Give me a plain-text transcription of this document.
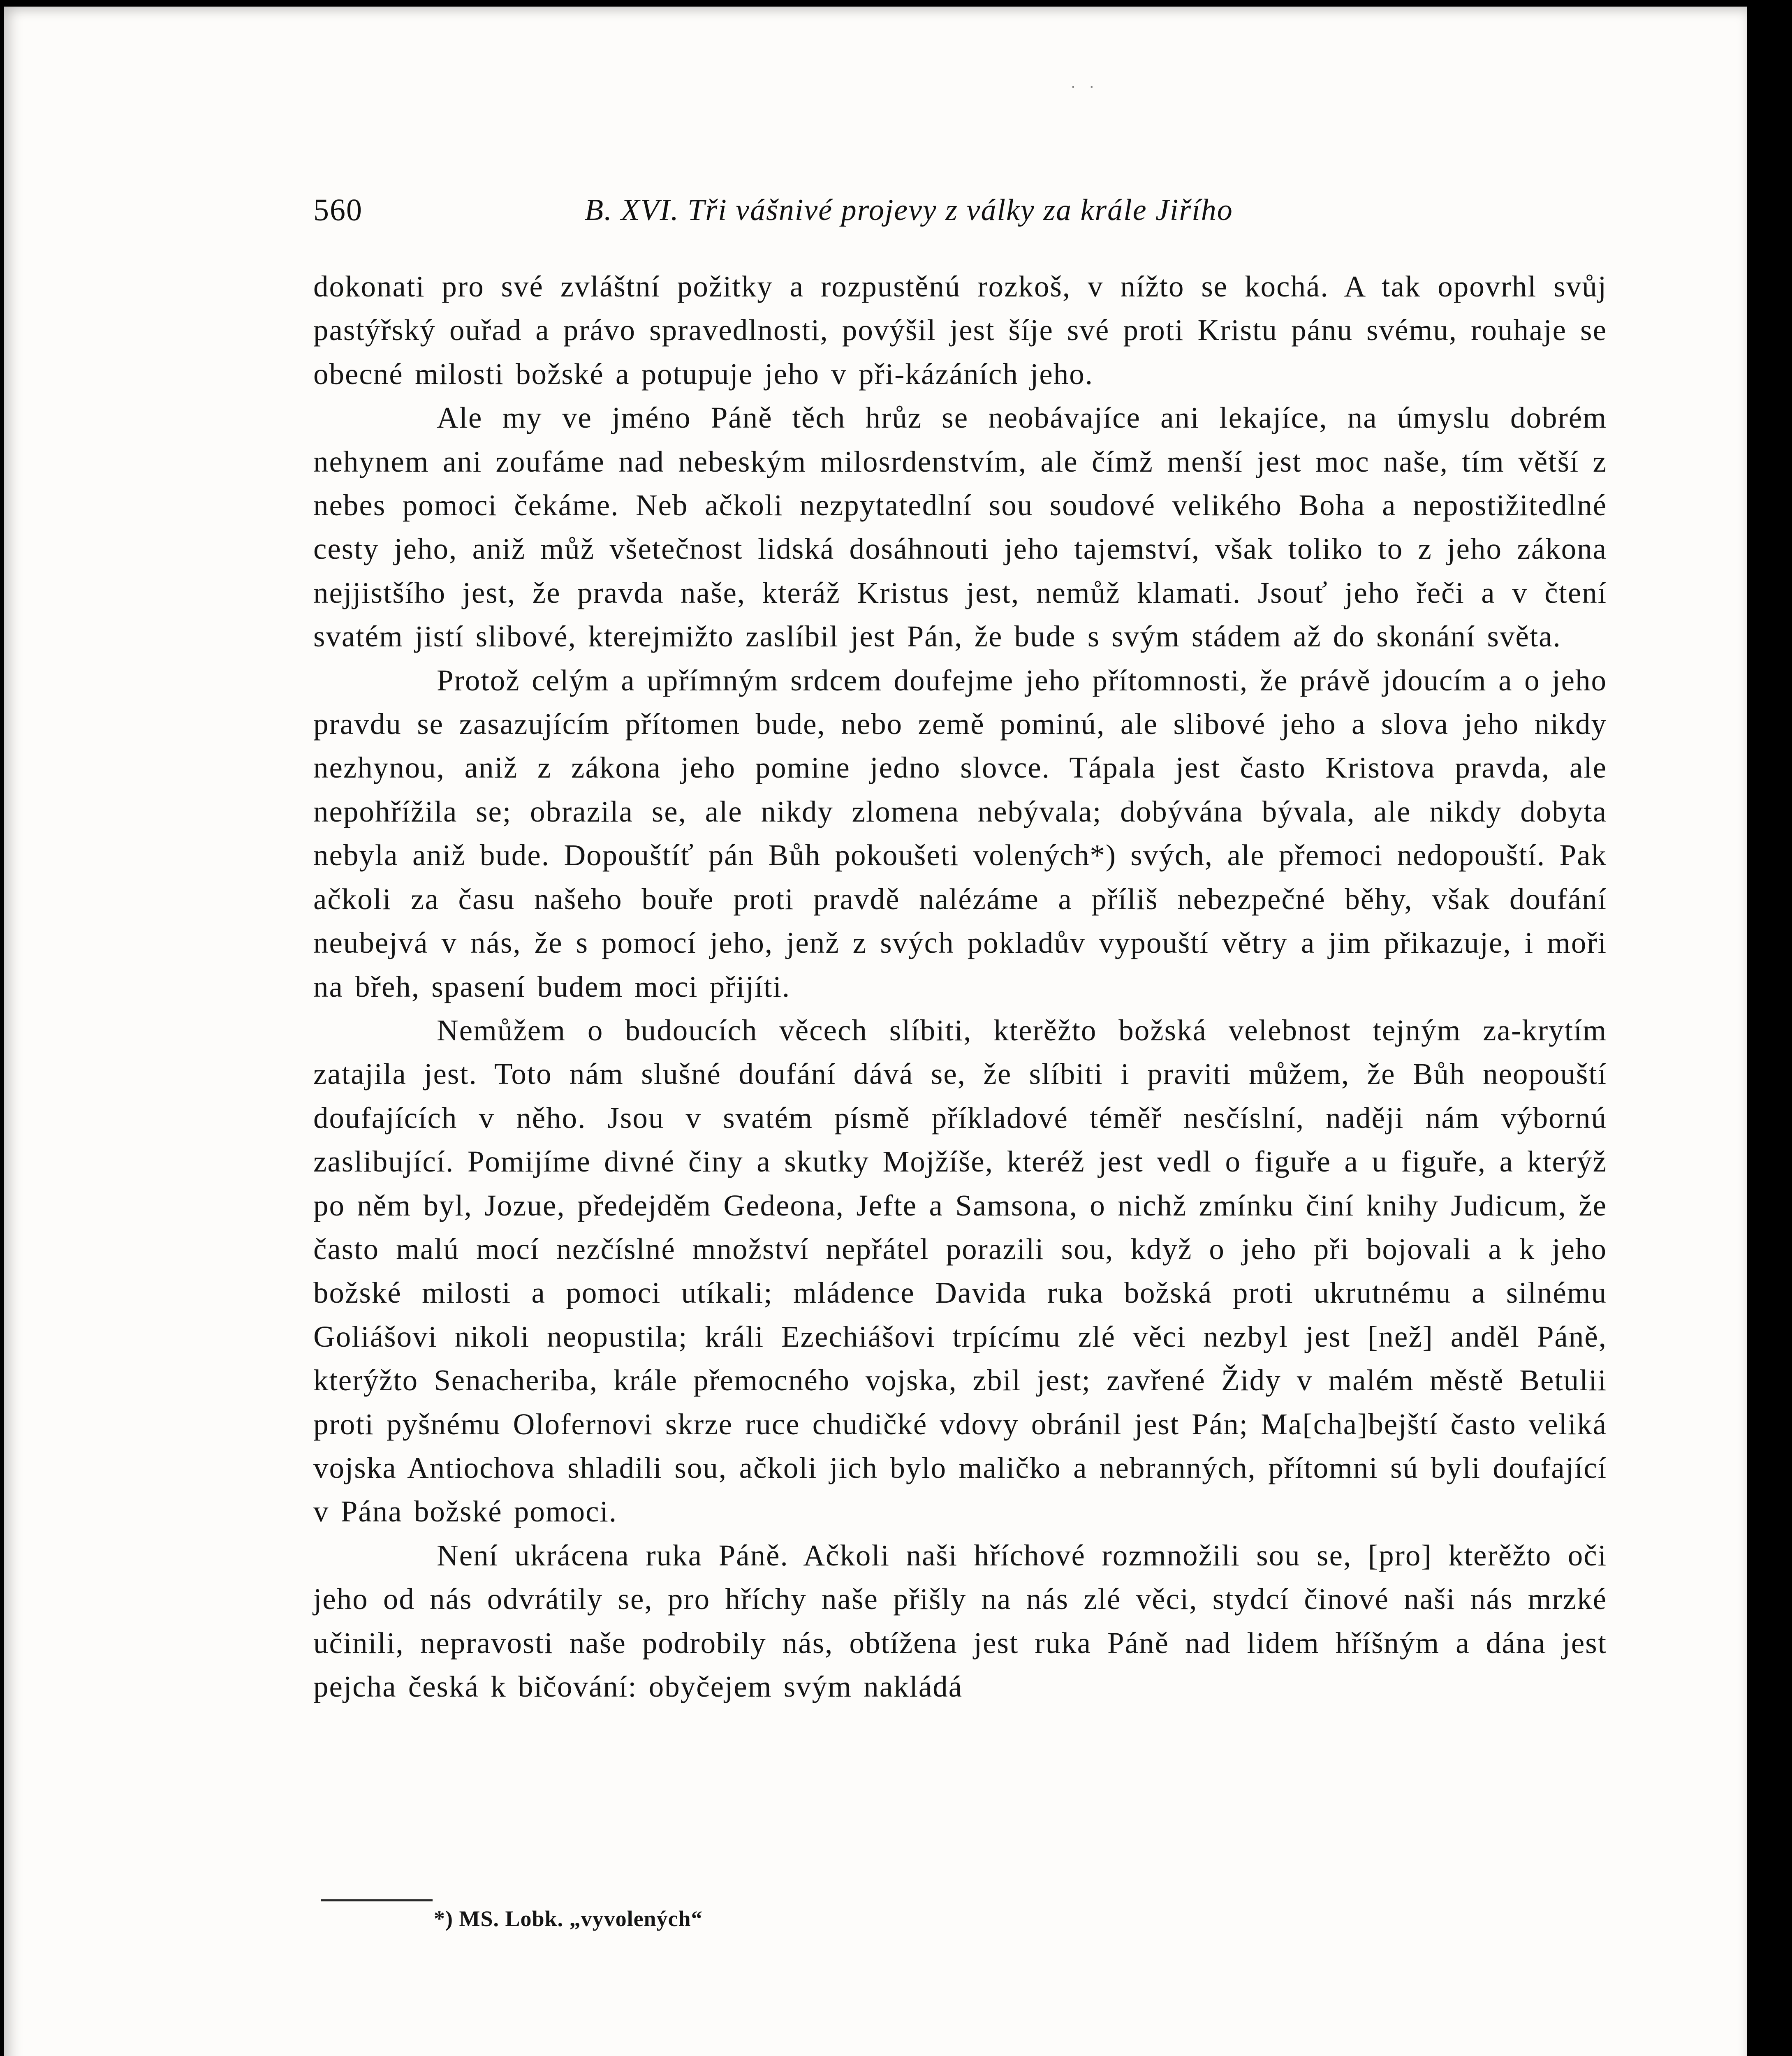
˙ ˙
560	B. XVI. Tři vášnivé projevy z války za krále Jiřího

dokonati pro své zvláštní požitky a rozpustěnú rozkoš, v nížto se kochá. A tak opovrhl svůj pastýřský ouřad a právo spravedlnosti, povýšil jest šíje své proti Kristu pánu svému, rouhaje se obecné milosti božské a potupuje jeho v při-kázáních jeho.

Ale my ve jméno Páně těch hrůz se neobávajíce ani lekajíce, na úmyslu dobrém nehynem ani zoufáme nad nebeským milosrdenstvím, ale čímž menší jest moc naše, tím větší z nebes pomoci čekáme. Neb ačkoli nezpytatedlní sou soudové velikého Boha a nepostižitedlné cesty jeho, aniž můž všetečnost lidská dosáhnouti jeho tajemství, však toliko to z jeho zákona nejjistšího jest, že pravda naše, kteráž Kristus jest, nemůž klamati. Jsouť jeho řeči a v čtení svatém jistí slibové, kterejmižto zaslíbil jest Pán, že bude s svým stádem až do skonání světa.

Protož celým a upřímným srdcem doufejme jeho přítomnosti, že právě jdoucím a o jeho pravdu se zasazujícím přítomen bude, nebo země pominú, ale slibové jeho a slova jeho nikdy nezhynou, aniž z zákona jeho pomine jedno slovce. Tápala jest často Kristova pravda, ale nepohřížila se; obrazila se, ale nikdy zlomena nebývala; dobývána bývala, ale nikdy dobyta nebyla aniž bude. Dopouštíť pán Bůh pokoušeti volených*) svých, ale přemoci nedopouští. Pak ačkoli za času našeho bouře proti pravdě nalézáme a příliš nebezpečné běhy, však doufání neubejvá v nás, že s pomocí jeho, jenž z svých pokladův vypouští větry a jim přikazuje, i moři na břeh, spasení budem moci přijíti.

Nemůžem o budoucích věcech slíbiti, kterěžto božská velebnost tejným za-krytím zatajila jest. Toto nám slušné doufání dává se, že slíbiti i praviti můžem, že Bůh neopouští doufajících v něho. Jsou v svatém písmě příkladové téměř nesčíslní, naději nám výbornú zaslibující. Pomijíme divné činy a skutky Mojžíše, kteréž jest vedl o figuře a u figuře, a kterýž po něm byl, Jozue, předejděm Gedeona, Jefte a Samsona, o nichž zmínku činí knihy Judicum, že často malú mocí nezčíslné množství nepřátel porazili sou, když o jeho při bojovali a k jeho božské milosti a pomoci utíkali; mládence Davida ruka božská proti ukrutnému a silnému Goliášovi nikoli neopustila; králi Ezechiášovi trpícímu zlé věci nezbyl jest [než] anděl Páně, kterýžto Senacheriba, krále přemocného vojska, zbil jest; zavřené Židy v malém městě Betulii proti pyšnému Olofernovi skrze ruce chudičké vdovy obránil jest Pán; Ma[cha]bejští často veliká vojska Antiochova shladili sou, ačkoli jich bylo maličko a nebranných, přítomni sú byli doufající v Pána božské pomoci.

Není ukrácena ruka Páně. Ačkoli naši hříchové rozmnožili sou se, [pro] kterěžto oči jeho od nás odvrátily se, pro hříchy naše přišly na nás zlé věci, stydcí činové naši nás mrzké učinili, nepravosti naše podrobily nás, obtížena jest ruka Páně nad lidem hříšným a dána jest pejcha česká k bičování: obyčejem svým nakládá

*) MS. Lobk. „vyvolených“
